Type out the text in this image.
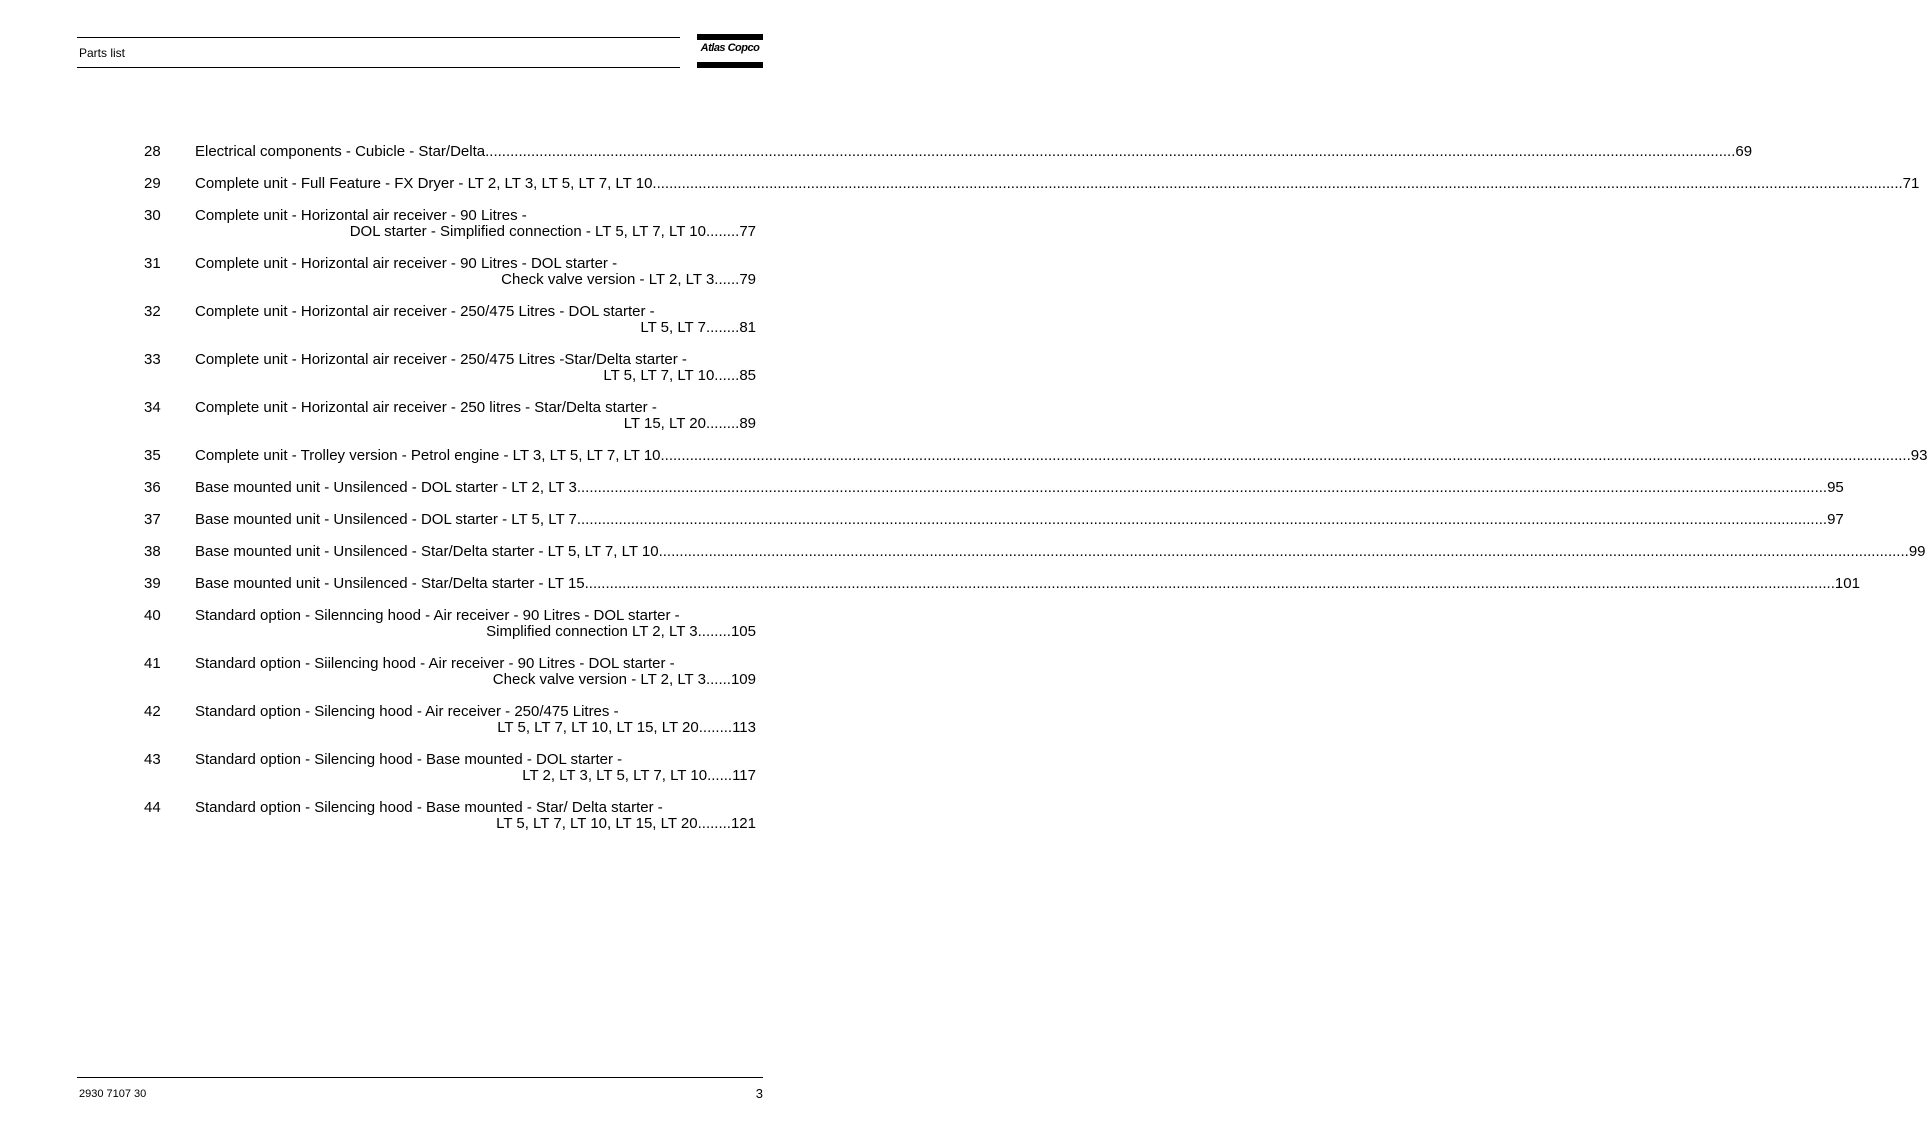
Parts list	Atlas Copco
28	Electrical components - Cubicle - Star/Delta ............................................................................................................................................................................................................................................................................................................ 69
29	Complete unit - Full Feature - FX Dryer - LT 2, LT 3, LT 5, LT 7, LT 10 ............................................................................................................................................................................................................................................................................................................ 71
30	Complete unit - Horizontal air receiver - 90 Litres -
DOL starter - Simplified connection - LT 5, LT 7, LT 10 ........ 77
31	Complete unit - Horizontal air receiver - 90 Litres - DOL starter -
Check valve version - LT 2, LT 3 ...... 79
32	Complete unit - Horizontal air receiver - 250/475 Litres - DOL starter -
LT 5, LT 7 ........ 81
33	Complete unit - Horizontal air receiver - 250/475 Litres -Star/Delta starter -
LT 5, LT 7, LT 10 ...... 85
34	Complete unit - Horizontal air receiver - 250 litres - Star/Delta starter -
LT 15, LT 20 ........ 89
35	Complete unit - Trolley version - Petrol engine - LT 3, LT 5, LT 7, LT 10 ............................................................................................................................................................................................................................................................................................................ 93
36	Base mounted unit - Unsilenced - DOL starter - LT 2, LT 3 ............................................................................................................................................................................................................................................................................................................ 95
37	Base mounted unit - Unsilenced - DOL starter - LT 5, LT 7 ............................................................................................................................................................................................................................................................................................................ 97
38	Base mounted unit - Unsilenced - Star/Delta starter - LT 5, LT 7, LT 10 ............................................................................................................................................................................................................................................................................................................ 99
39	Base mounted unit - Unsilenced - Star/Delta starter - LT 15 ............................................................................................................................................................................................................................................................................................................ 101
40	Standard option - Silenncing hood - Air receiver - 90 Litres - DOL starter -
Simplified connection LT 2, LT 3 ........ 105
41	Standard option - Siilencing hood - Air receiver - 90 Litres - DOL starter -
Check valve version - LT 2, LT 3 ...... 109
42	Standard option - Silencing hood - Air receiver - 250/475 Litres -
LT 5, LT 7, LT 10, LT 15, LT 20 ........ 113
43	Standard option - Silencing hood - Base mounted - DOL starter -
LT 2, LT 3, LT 5, LT 7, LT 10 ...... 117
44	Standard option - Silencing hood - Base mounted - Star/ Delta starter -
LT 5, LT 7, LT 10, LT 15, LT 20 ........ 121
2930 7107 30	3
